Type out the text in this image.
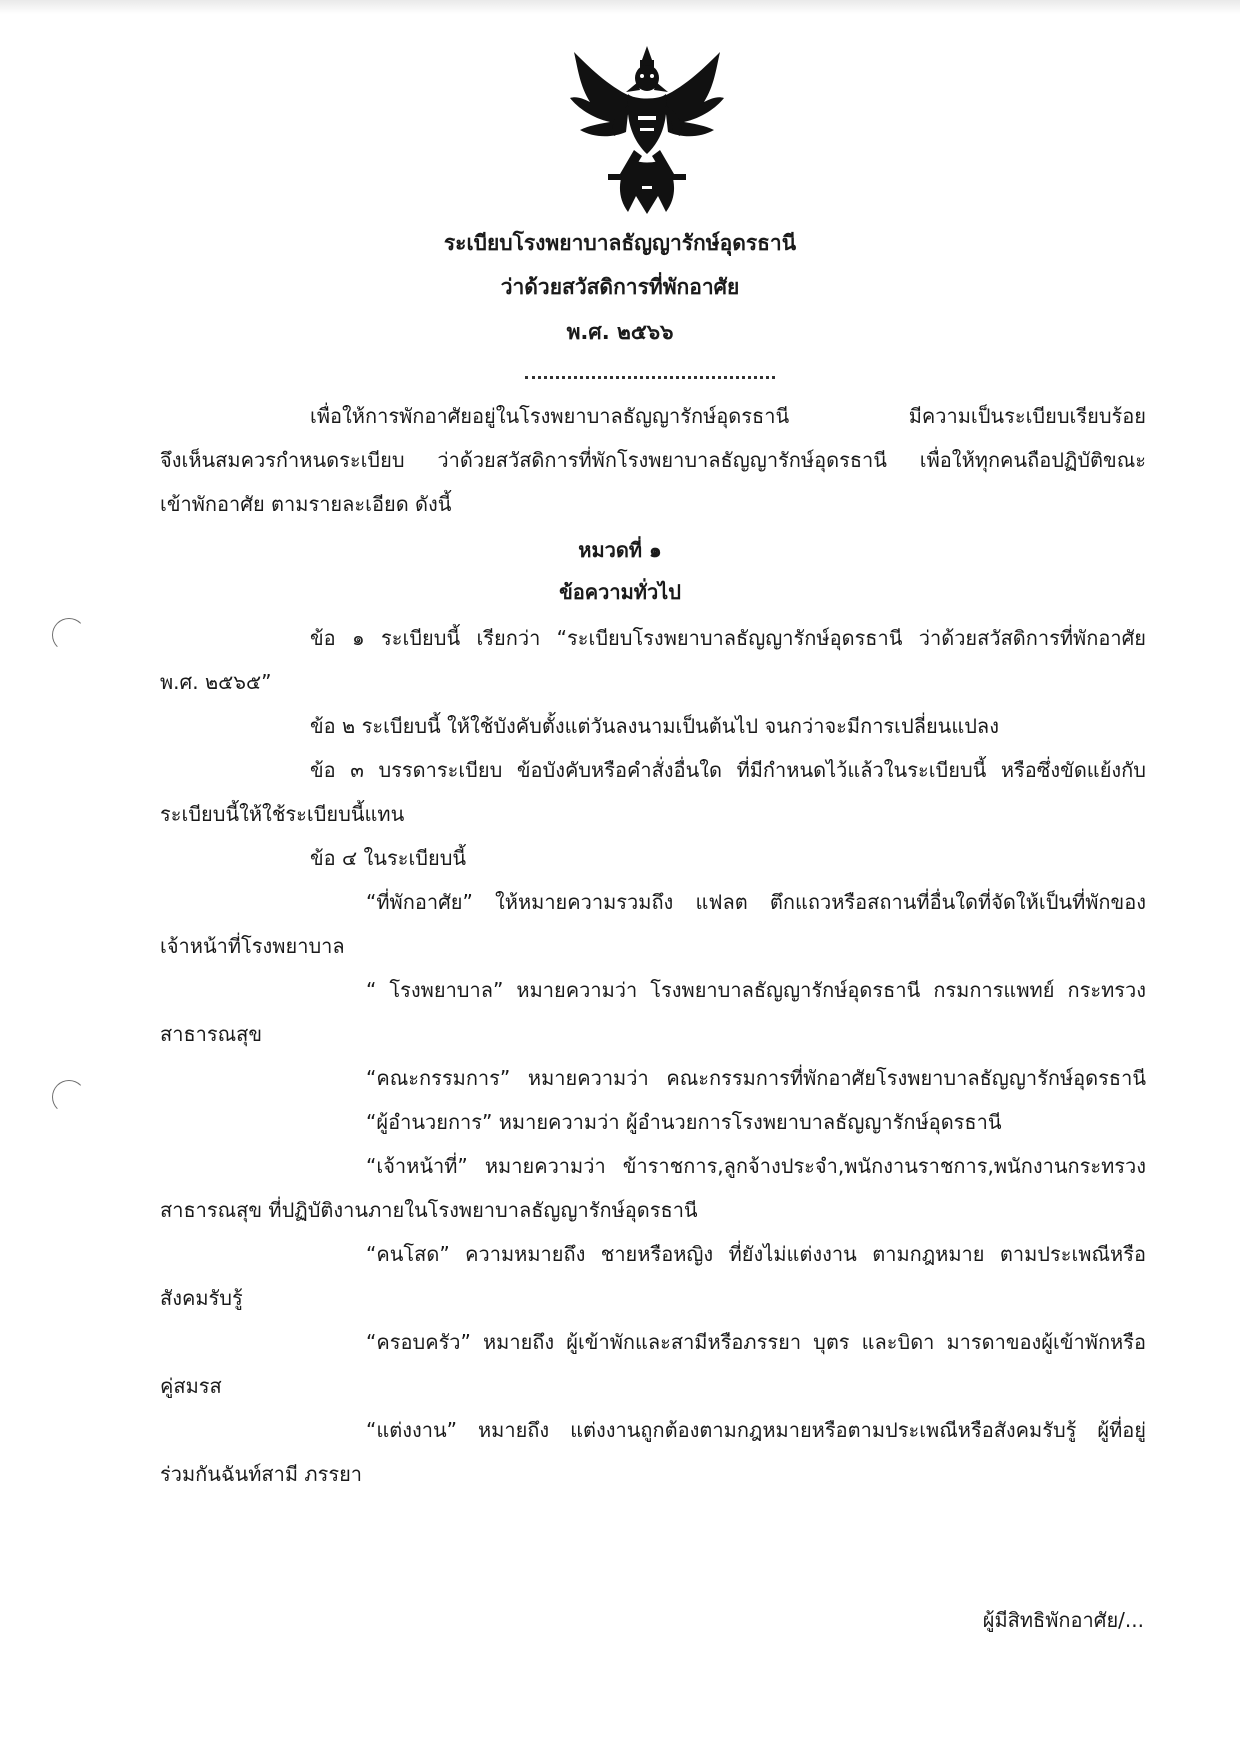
ระเบียบโรงพยาบาลธัญญารักษ์อุดรธานี
ว่าด้วยสวัสดิการที่พักอาศัย
พ.ศ. ๒๕๖๖
เพื่อให้การพักอาศัยอยู่ในโรงพยาบาลธัญญารักษ์อุดรธานี มีความเป็นระเบียบเรียบร้อย
จึงเห็นสมควรกำหนดระเบียบ ว่าด้วยสวัสดิการที่พักโรงพยาบาลธัญญารักษ์อุดรธานี เพื่อให้ทุกคนถือปฏิบัติขณะ
เข้าพักอาศัย ตามรายละเอียด ดังนี้
หมวดที่ ๑
ข้อความทั่วไป
ข้อ ๑ ระเบียบนี้ เรียกว่า “ระเบียบโรงพยาบาลธัญญารักษ์อุดรธานี ว่าด้วยสวัสดิการที่พักอาศัย
พ.ศ. ๒๕๖๕”
ข้อ ๒ ระเบียบนี้ ให้ใช้บังคับตั้งแต่วันลงนามเป็นต้นไป จนกว่าจะมีการเปลี่ยนแปลง
ข้อ ๓ บรรดาระเบียบ ข้อบังคับหรือคำสั่งอื่นใด ที่มีกำหนดไว้แล้วในระเบียบนี้ หรือซึ่งขัดแย้งกับ
ระเบียบนี้ให้ใช้ระเบียบนี้แทน
ข้อ ๔ ในระเบียบนี้
“ที่พักอาศัย” ให้หมายความรวมถึง แฟลต ตึกแถวหรือสถานที่อื่นใดที่จัดให้เป็นที่พักของ
เจ้าหน้าที่โรงพยาบาล
“ โรงพยาบาล” หมายความว่า โรงพยาบาลธัญญารักษ์อุดรธานี กรมการแพทย์ กระทรวง
สาธารณสุข
“คณะกรรมการ” หมายความว่า คณะกรรมการที่พักอาศัยโรงพยาบาลธัญญารักษ์อุดรธานี
“ผู้อำนวยการ” หมายความว่า ผู้อำนวยการโรงพยาบาลธัญญารักษ์อุดรธานี
“เจ้าหน้าที่” หมายความว่า ข้าราชการ,ลูกจ้างประจำ,พนักงานราชการ,พนักงานกระทรวง
สาธารณสุข ที่ปฏิบัติงานภายในโรงพยาบาลธัญญารักษ์อุดรธานี
“คนโสด” ความหมายถึง ชายหรือหญิง ที่ยังไม่แต่งงาน ตามกฎหมาย ตามประเพณีหรือ
สังคมรับรู้
“ครอบครัว” หมายถึง ผู้เข้าพักและสามีหรือภรรยา บุตร และบิดา มารดาของผู้เข้าพักหรือ
คู่สมรส
“แต่งงาน” หมายถึง แต่งงานถูกต้องตามกฎหมายหรือตามประเพณีหรือสังคมรับรู้ ผู้ที่อยู่
ร่วมกันฉันท์สามี ภรรยา
ผู้มีสิทธิพักอาศัย/...
